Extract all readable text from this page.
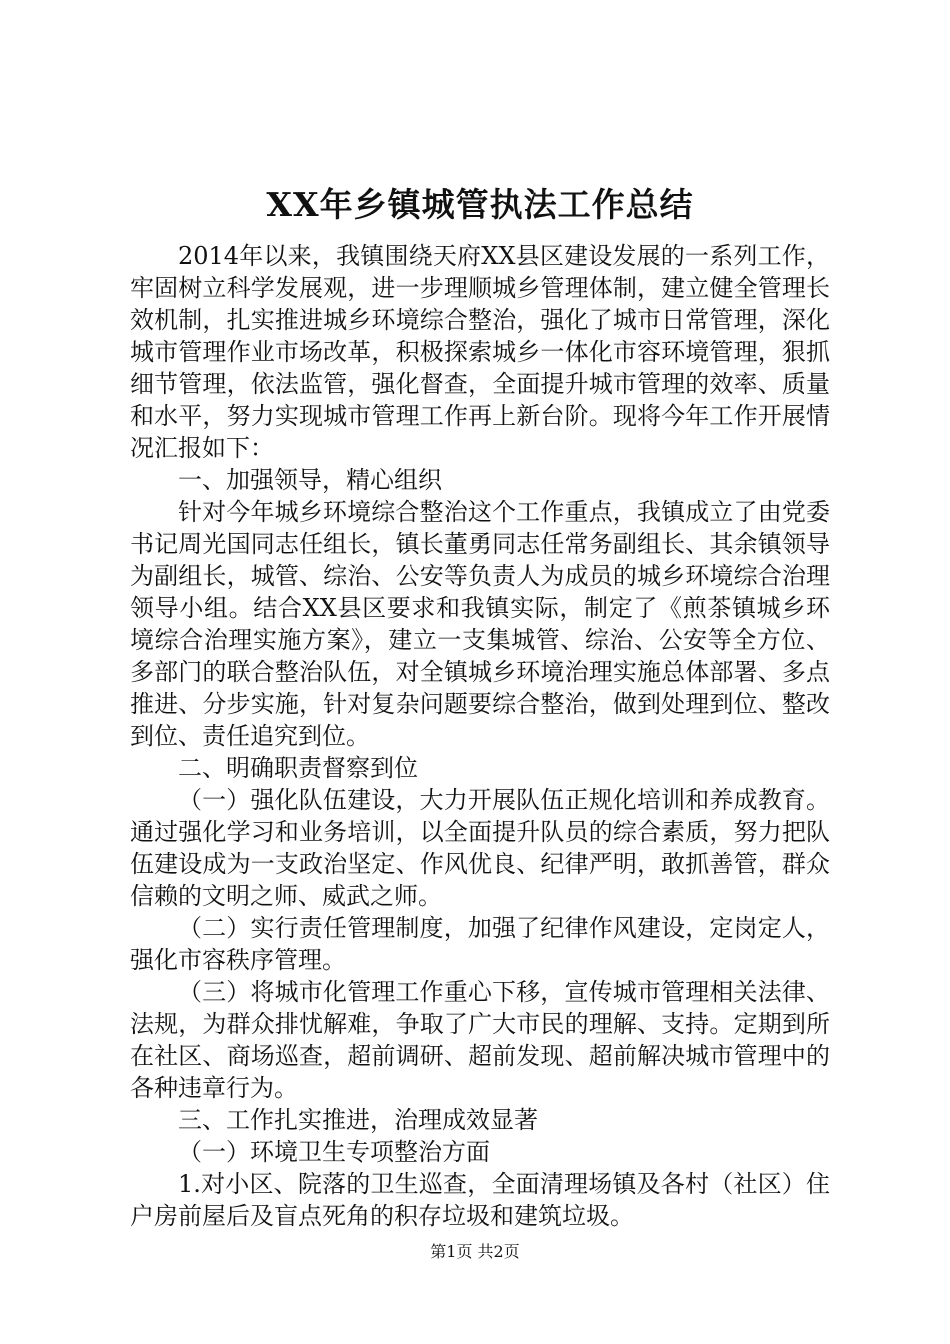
XX年乡镇城管执法工作总结

2014年以来，我镇围绕天府XX县区建设发展的一系列工作，牢固树立科学发展观，进一步理顺城乡管理体制，建立健全管理长效机制，扎实推进城乡环境综合整治，强化了城市日常管理，深化城市管理作业市场改革，积极探索城乡一体化市容环境管理，狠抓细节管理，依法监管，强化督查，全面提升城市管理的效率、质量和水平，努力实现城市管理工作再上新台阶。现将今年工作开展情况汇报如下：

一、加强领导，精心组织

针对今年城乡环境综合整治这个工作重点，我镇成立了由党委书记周光国同志任组长，镇长董勇同志任常务副组长、其余镇领导为副组长，城管、综治、公安等负责人为成员的城乡环境综合治理领导小组。结合XX县区要求和我镇实际，制定了《煎茶镇城乡环境综合治理实施方案》，建立一支集城管、综治、公安等全方位、多部门的联合整治队伍，对全镇城乡环境治理实施总体部署、多点推进、分步实施，针对复杂问题要综合整治，做到处理到位、整改到位、责任追究到位。

二、明确职责督察到位

（一）强化队伍建设，大力开展队伍正规化培训和养成教育。通过强化学习和业务培训，以全面提升队员的综合素质，努力把队伍建设成为一支政治坚定、作风优良、纪律严明，敢抓善管，群众信赖的文明之师、威武之师。

（二）实行责任管理制度，加强了纪律作风建设，定岗定人，强化市容秩序管理。

（三）将城市化管理工作重心下移，宣传城市管理相关法律、法规，为群众排忧解难，争取了广大市民的理解、支持。定期到所在社区、商场巡查，超前调研、超前发现、超前解决城市管理中的各种违章行为。

三、工作扎实推进，治理成效显著

（一）环境卫生专项整治方面

1.对小区、院落的卫生巡查，全面清理场镇及各村（社区）住户房前屋后及盲点死角的积存垃圾和建筑垃圾。

第1页 共2页
